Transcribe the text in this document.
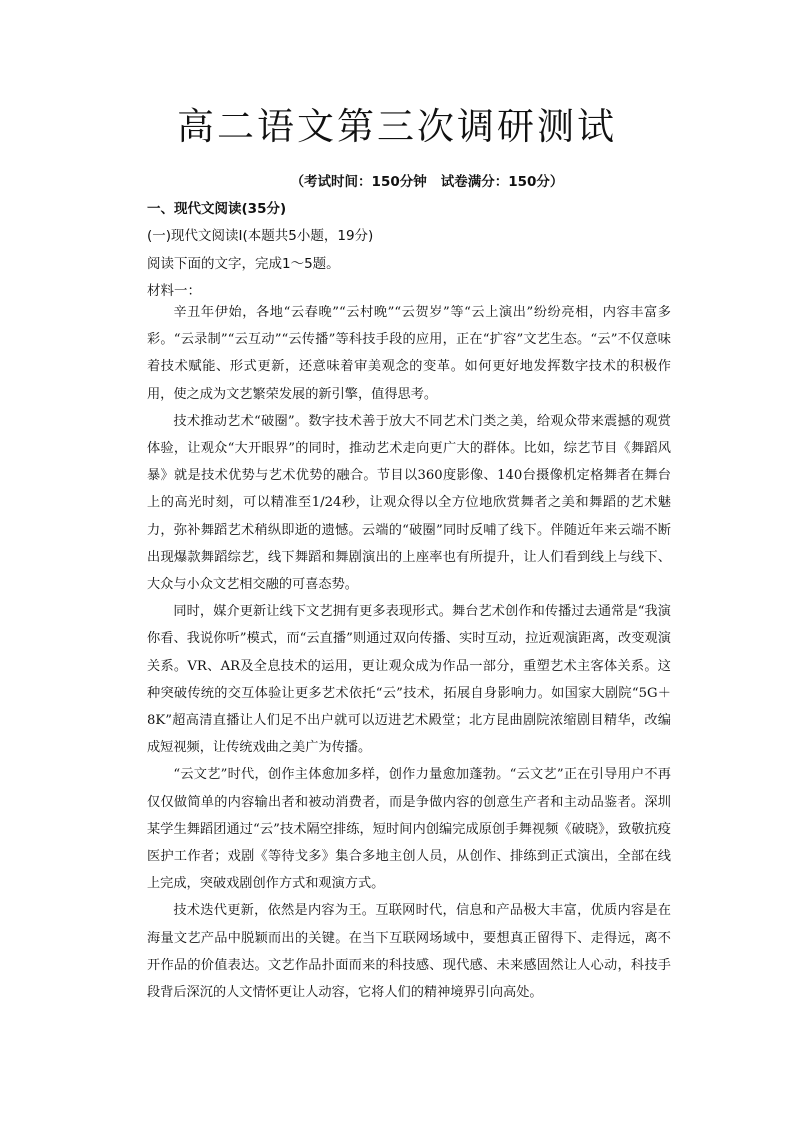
高二语文第三次调研测试
（考试时间：150分钟 试卷满分：150分）
一、现代文阅读(35分)
(一)现代文阅读Ⅰ(本题共5小题，19分)
阅读下面的文字，完成1～5题。
材料一：

辛丑年伊始，各地“云春晚”“云村晚”“云贺岁”等“云上演出”纷纷亮相，内容丰富多彩。“云录制”“云互动”“云传播”等科技手段的应用，正在“扩容”文艺生态。“云”不仅意味着技术赋能、形式更新，还意味着审美观念的变革。如何更好地发挥数字技术的积极作用，使之成为文艺繁荣发展的新引擎，值得思考。

技术推动艺术“破圈”。数字技术善于放大不同艺术门类之美，给观众带来震撼的观赏体验，让观众“大开眼界”的同时，推动艺术走向更广大的群体。比如，综艺节目《舞蹈风暴》就是技术优势与艺术优势的融合。节目以360度影像、140台摄像机定格舞者在舞台上的高光时刻，可以精准至1/24秒，让观众得以全方位地欣赏舞者之美和舞蹈的艺术魅力，弥补舞蹈艺术稍纵即逝的遗憾。云端的“破圈”同时反哺了线下。伴随近年来云端不断出现爆款舞蹈综艺，线下舞蹈和舞剧演出的上座率也有所提升，让人们看到线上与线下、大众与小众文艺相交融的可喜态势。

同时，媒介更新让线下文艺拥有更多表现形式。舞台艺术创作和传播过去通常是“我演你看、我说你听”模式，而“云直播”则通过双向传播、实时互动，拉近观演距离，改变观演关系。VR、AR及全息技术的运用，更让观众成为作品一部分，重塑艺术主客体关系。这种突破传统的交互体验让更多艺术依托“云”技术，拓展自身影响力。如国家大剧院“5G＋8K”超高清直播让人们足不出户就可以迈进艺术殿堂；北方昆曲剧院浓缩剧目精华，改编成短视频，让传统戏曲之美广为传播。

“云文艺”时代，创作主体愈加多样，创作力量愈加蓬勃。“云文艺”正在引导用户不再仅仅做简单的内容输出者和被动消费者，而是争做内容的创意生产者和主动品鉴者。深圳某学生舞蹈团通过“云”技术隔空排练，短时间内创编完成原创手舞视频《破晓》，致敬抗疫医护工作者；戏剧《等待戈多》集合多地主创人员，从创作、排练到正式演出，全部在线上完成，突破戏剧创作方式和观演方式。

技术迭代更新，依然是内容为王。互联网时代，信息和产品极大丰富，优质内容是在海量文艺产品中脱颖而出的关键。在当下互联网场域中，要想真正留得下、走得远，离不开作品的价值表达。文艺作品扑面而来的科技感、现代感、未来感固然让人心动，科技手段背后深沉的人文情怀更让人动容，它将人们的精神境界引向高处。
